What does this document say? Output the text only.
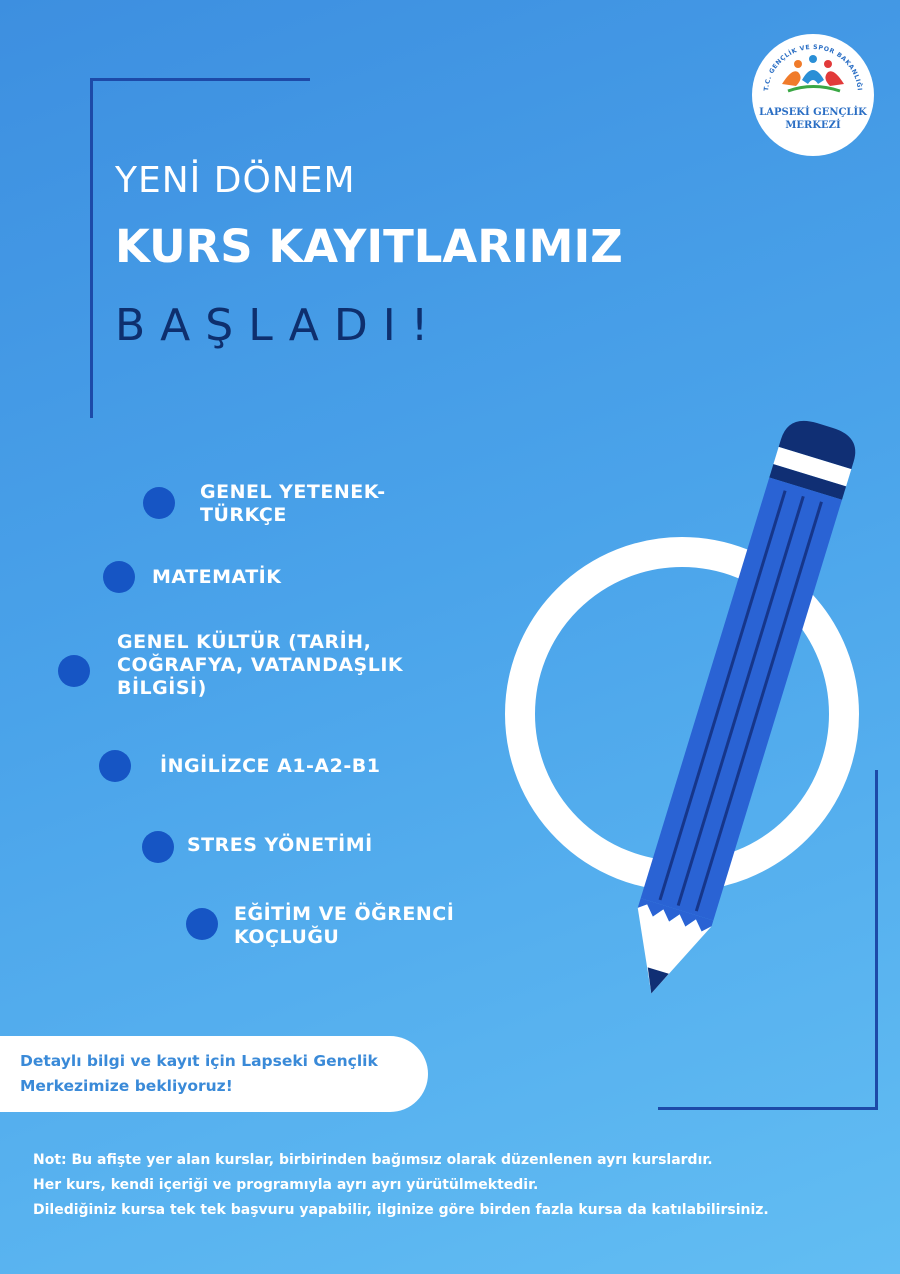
T.C. GENÇLİK VE SPOR BAKANLIĞI
LAPSEKİ GENÇLİK
MERKEZİ
YENİ DÖNEM
KURS KAYITLARIMIZ
BAŞLADI!
GENEL YETENEK-
TÜRKÇE
MATEMATİK
GENEL KÜLTÜR (TARİH,
COĞRAFYA, VATANDAŞLIK
BİLGİSİ)
İNGİLİZCE A1-A2-B1
STRES YÖNETİMİ
EĞİTİM VE ÖĞRENCİ
KOÇLUĞU
Detaylı bilgi ve kayıt için Lapseki Gençlik
Merkezimize bekliyoruz!
Not: Bu afişte yer alan kurslar, birbirinden bağımsız olarak düzenlenen ayrı kurslardır.
Her kurs, kendi içeriği ve programıyla ayrı ayrı yürütülmektedir.
Dilediğiniz kursa tek tek başvuru yapabilir, ilginize göre birden fazla kursa da katılabilirsiniz.
